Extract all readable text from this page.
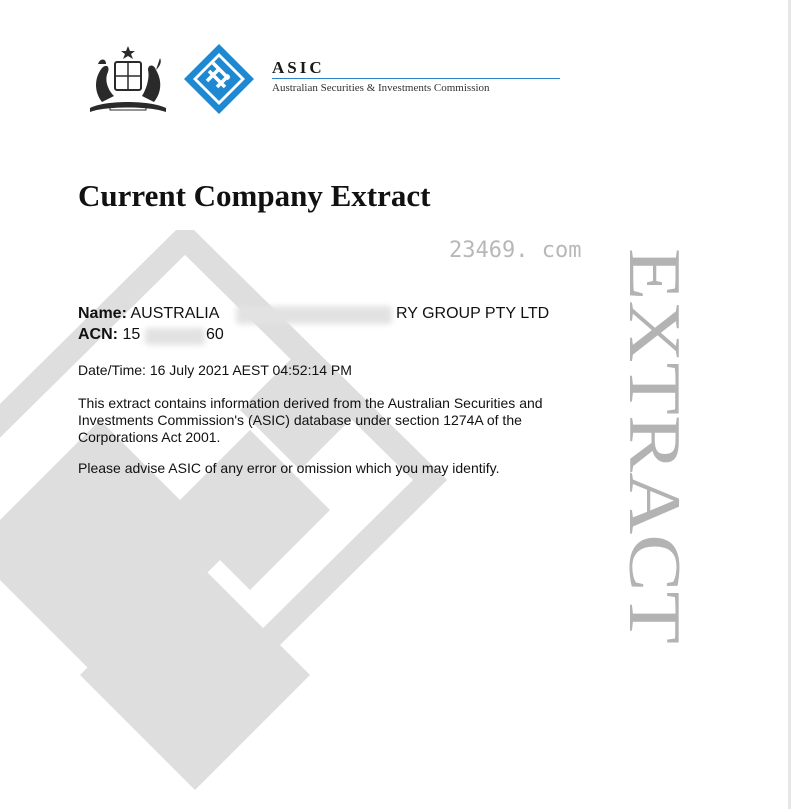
ASIC
Australian Securities & Investments Commission
Current Company Extract
23469. com EXTRACT
Name: AUSTRALIA	RY GROUP PTY LTD
ACN: 15	60
Date/Time: 16 July 2021 AEST 04:52:14 PM
This extract contains information derived from the Australian Securities and Investments Commission's (ASIC) database under section 1274A of the Corporations Act 2001.
Please advise ASIC of any error or omission which you may identify.
